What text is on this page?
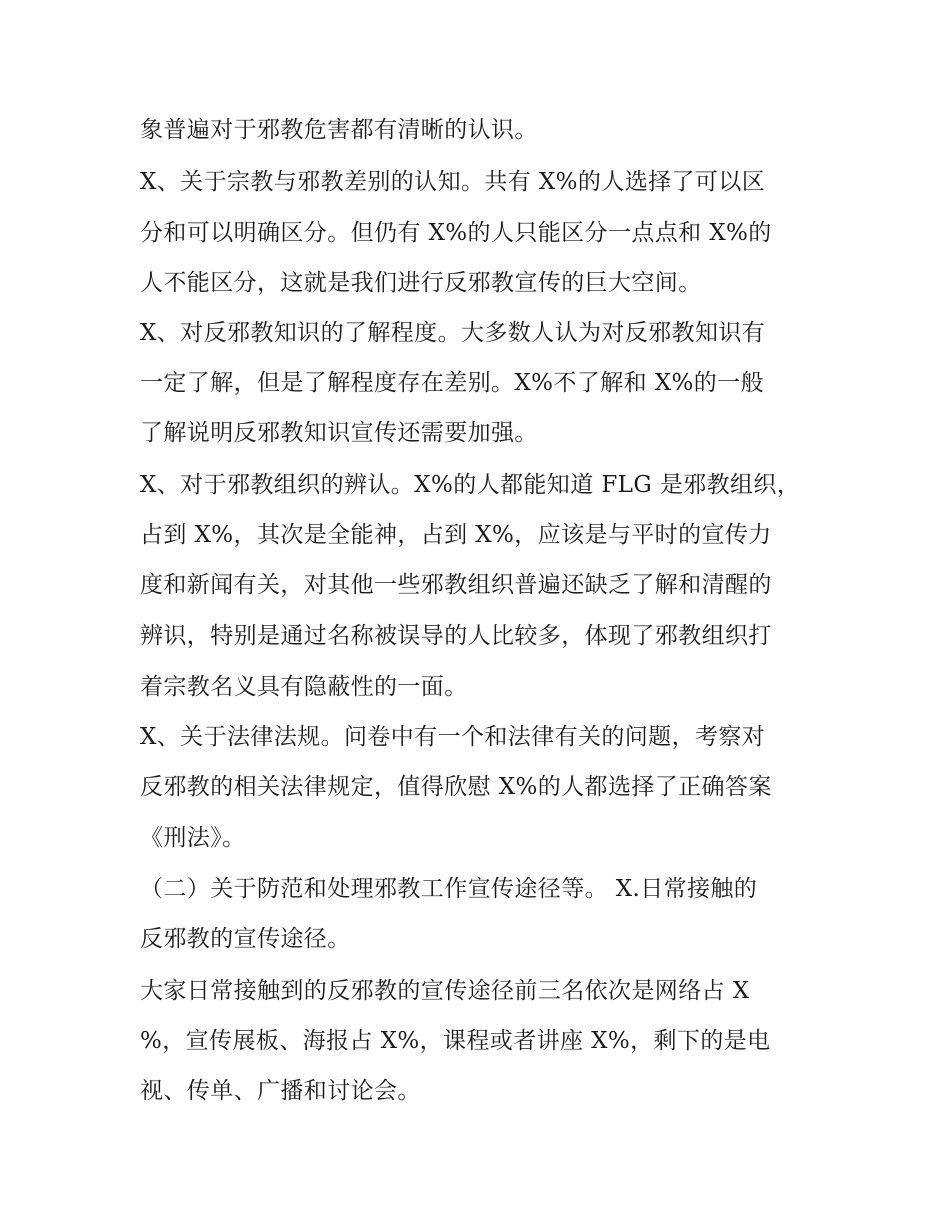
象普遍对于邪教危害都有清晰的认识。
X、关于宗教与邪教差别的认知。共有 X%的人选择了可以区
分和可以明确区分。但仍有 X%的人只能区分一点点和 X%的
人不能区分，这就是我们进行反邪教宣传的巨大空间。
X、对反邪教知识的了解程度。大多数人认为对反邪教知识有
一定了解，但是了解程度存在差别。X%不了解和 X%的一般
了解说明反邪教知识宣传还需要加强。
X、对于邪教组织的辨认。X%的人都能知道 FLG 是邪教组织，
占到 X%，其次是全能神，占到 X%，应该是与平时的宣传力
度和新闻有关，对其他一些邪教组织普遍还缺乏了解和清醒的
辨识，特别是通过名称被误导的人比较多，体现了邪教组织打
着宗教名义具有隐蔽性的一面。
X、关于法律法规。问卷中有一个和法律有关的问题，考察对
反邪教的相关法律规定，值得欣慰 X%的人都选择了正确答案
《刑法》。
（二）关于防范和处理邪教工作宣传途径等。 X.日常接触的
反邪教的宣传途径。
大家日常接触到的反邪教的宣传途径前三名依次是网络占 X
%，宣传展板、海报占 X%，课程或者讲座 X%，剩下的是电
视、传单、广播和讨论会。
